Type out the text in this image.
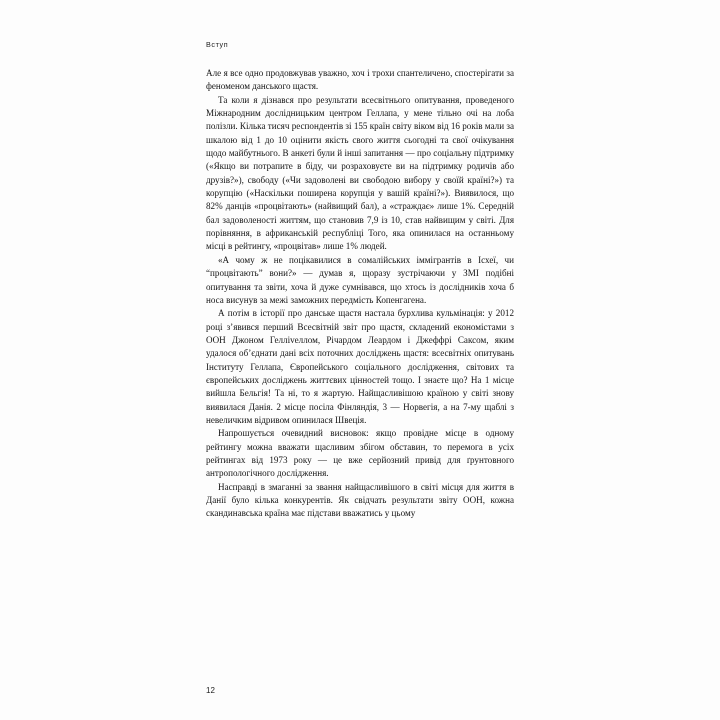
Вступ

Але я все одно продовжував уважно, хоч і трохи спантеличено, спостерігати за феноменом данського щастя.

Та коли я дізнався про результати всесвітнього опитування, проведеного Міжнародним дослідницьким центром Геллапа, у мене тільно очі на лоба полізли. Кілька тисяч респондентів зі 155 країн світу віком від 16 років мали за шкалою від 1 до 10 оцінити якість свого життя сьогодні та свої очікування щодо майбутнього. В анкеті були й інші запитання — про соціальну підтримку («Якщо ви потрапите в біду, чи розраховуєте ви на підтримку родичів або друзів?»), свободу («Чи задоволені ви свободою вибору у своїй країні?») та корупцію («Наскільки поширена корупція у вашій країні?»). Виявилося, що 82% данців «процвітають» (найвищий бал), а «страждає» лише 1%. Середній бал задоволеності життям, що становив 7,9 із 10, став найвищим у світі. Для порівняння, в африканській республіці Того, яка опинилася на останньому місці в рейтингу, «процвітав» лише 1% людей.

«А чому ж не поцікавилися в сомалійських іммігрантів в Ісхеї, чи “процвітають” вони?» — думав я, щоразу зустрічаючи у ЗМІ подібні опитування та звіти, хоча й дуже сумнівався, що хтось із дослідників хоча б носа висунув за межі заможних передмість Копенгагена.

А потім в історії про данське щастя настала бурхлива кульмінація: у 2012 році з’явився перший Всесвітній звіт про щастя, складений економістами з ООН Джоном Гелліveллом, Річардом Леардом і Джеффрі Саксом, яким удалося об’єднати дані всіх поточних досліджень щастя: всесвітніх опитувань Інституту Геллапа, Європейського соціального дослідження, світових та європейських досліджень життєвих цінностей тощо. І знаєте що? На 1 місце вийшла Бельгія! Та ні, то я жартую. Найщасливішою країною у світі знову виявилася Данія. 2 місце посіла Фінляндія, 3 — Норвегія, а на 7-му щаблі з невеличким відривом опинилася Швеція.

Напрошується очевидний висновок: якщо провідне місце в одному рейтингу можна вважати щасливим збігом обставин, то перемога в усіх рейтингах від 1973 року — це вже серйозний привід для ґрунтовного антропологічного дослідження.

Насправді в змаганні за звання найщасливішого в світі місця для життя в Данії було кілька конкурентів. Як свідчать результати звіту ООН, кожна скандинавська країна має підстави вважатись у цьому

12
